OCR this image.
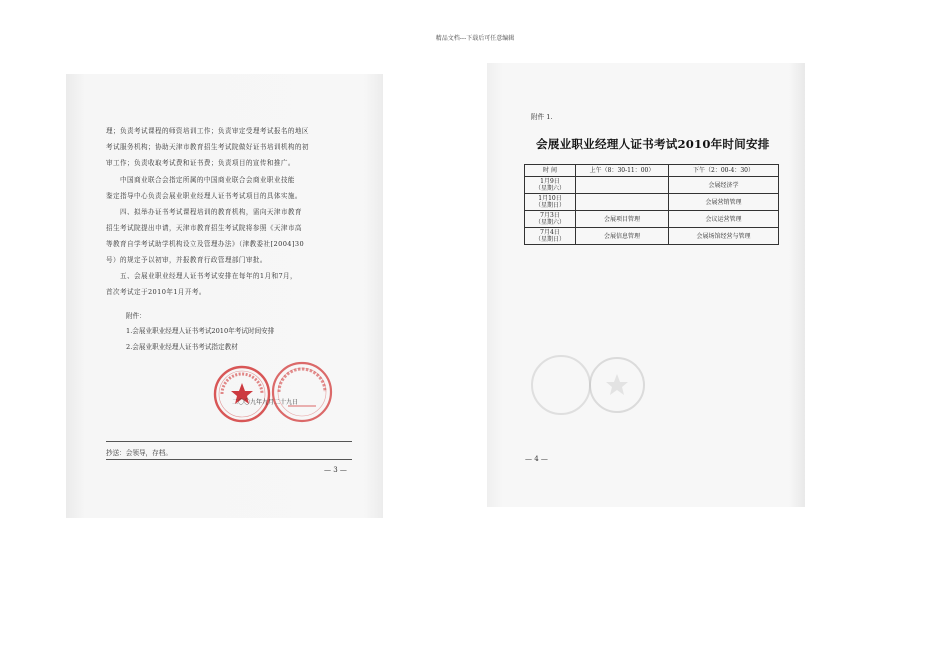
精品文档---下载后可任意编辑
理；负责考试课程的师资培训工作；负责审定受理考试报名的地区
考试服务机构；协助天津市教育招生考试院做好证书培训机构的初
审工作；负责收取考试费和证书费；负责项目的宣传和推广。
　　中国商业联合会指定所属的中国商业联合会商业职业技能
鉴定指导中心负责会展业职业经理人证书考试项目的具体实施。
　　四、拟举办证书考试课程培训的教育机构，需向天津市教育
招生考试院提出申请，天津市教育招生考试院将参照《天津市高
等教育自学考试助学机构设立及管理办法》（津教委社[2004]30
号）的规定予以初审，并报教育行政管理部门审批。
　　五、会展业职业经理人证书考试安排在每年的1月和7月，
首次考试定于2010年1月开考。
附件：
1.会展业职业经理人证书考试2010年考试时间安排
2.会展业职业经理人证书考试指定教材
二〇〇九年九月二十九日
抄送：会领导，存档。
— 3 —
附件 1.
会展业职业经理人证书考试2010年时间安排
时 间	上午（8：30-11：00）	下午（2：00-4：30）

1月9日
（星期六）		会展经济学

1月10日
（星期日）		会展营销管理

7月3日
（星期六）	会展项目管理	会议运营管理

7月4日
（星期日）	会展信息管理	会展场馆经营与管理
— 4 —
